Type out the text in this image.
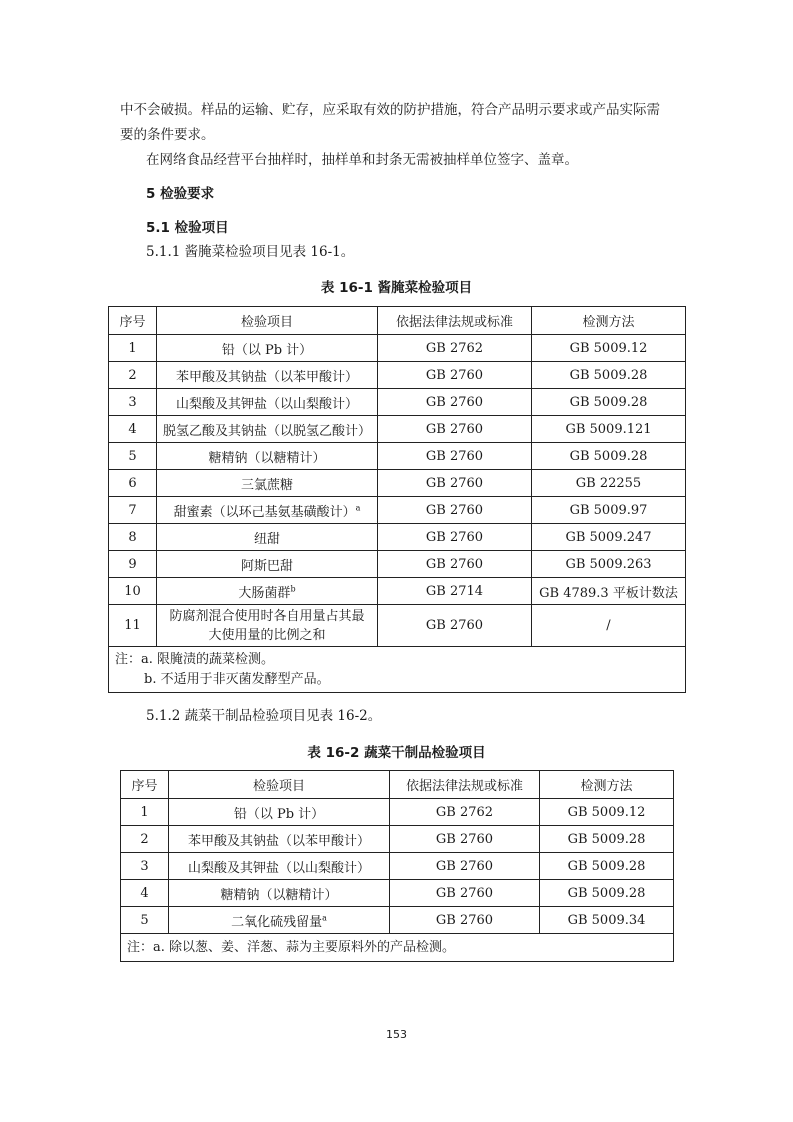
中不会破损。样品的运输、贮存，应采取有效的防护措施，符合产品明示要求或产品实际需
要的条件要求。
在网络食品经营平台抽样时，抽样单和封条无需被抽样单位签字、盖章。
5 检验要求
5.1 检验项目
5.1.1 酱腌菜检验项目见表 16-1。
表 16-1 酱腌菜检验项目
序号	检验项目	依据法律法规或标准	检测方法
1	铅（以 Pb 计）	GB 2762	GB 5009.12
2	苯甲酸及其钠盐（以苯甲酸计）	GB 2760	GB 5009.28
3	山梨酸及其钾盐（以山梨酸计）	GB 2760	GB 5009.28
4	脱氢乙酸及其钠盐（以脱氢乙酸计）	GB 2760	GB 5009.121
5	糖精钠（以糖精计）	GB 2760	GB 5009.28
6	三氯蔗糖	GB 2760	GB 22255
7	甜蜜素（以环己基氨基磺酸计）$^a$	GB 2760	GB 5009.97
8	纽甜	GB 2760	GB 5009.247
9	阿斯巴甜	GB 2760	GB 5009.263
10	大肠菌群$^b$	GB 2714	GB 4789.3 平板计数法
11	防腐剂混合使用时各自用量占其最
大使用量的比例之和	GB 2760	/

注：a. 限腌渍的蔬菜检测。
b. 不适用于非灭菌发酵型产品。			
5.1.2 蔬菜干制品检验项目见表 16-2。
表 16-2 蔬菜干制品检验项目
序号	检验项目	依据法律法规或标准	检测方法
1	铅（以 Pb 计）	GB 2762	GB 5009.12
2	苯甲酸及其钠盐（以苯甲酸计）	GB 2760	GB 5009.28
3	山梨酸及其钾盐（以山梨酸计）	GB 2760	GB 5009.28
4	糖精钠（以糖精计）	GB 2760	GB 5009.28
5	二氧化硫残留量$^a$	GB 2760	GB 5009.34
注：a. 除以葱、姜、洋葱、蒜为主要原料外的产品检测。			
153
